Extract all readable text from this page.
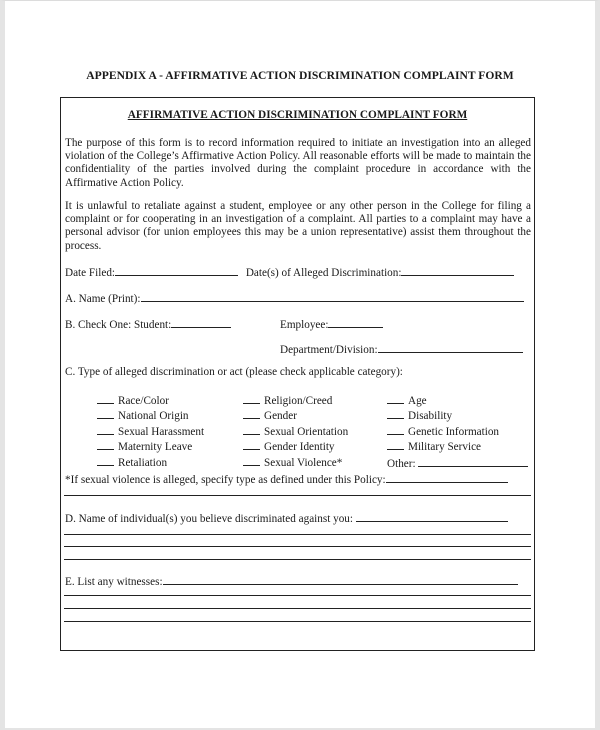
APPENDIX A - AFFIRMATIVE ACTION DISCRIMINATION COMPLAINT FORM
AFFIRMATIVE ACTION DISCRIMINATION COMPLAINT FORM
The purpose of this form is to record information required to initiate an investigation into an alleged violation of the College’s Affirmative Action Policy. All reasonable efforts will be made to maintain the confidentiality of the parties involved during the complaint procedure in accordance with the Affirmative Action Policy.
It is unlawful to retaliate against a student, employee or any other person in the College for filing a complaint or for cooperating in an investigation of a complaint. All parties to a complaint may have a personal advisor (for union employees this may be a union representative) assist them throughout the process.
Date Filed:	Date(s) of Alleged Discrimination:
A. Name (Print):
B. Check One: Student:	Employee:
Department/Division:
C. Type of alleged discrimination or act (please check applicable category):
Race/Color
National Origin
Sexual Harassment
Maternity Leave
Retaliation
Religion/Creed
Gender
Sexual Orientation
Gender Identity
Sexual Violence*
Age
Disability
Genetic Information
Military Service
Other:
*If sexual violence is alleged, specify type as defined under this Policy:
D. Name of individual(s) you believe discriminated against you:
E. List any witnesses:
